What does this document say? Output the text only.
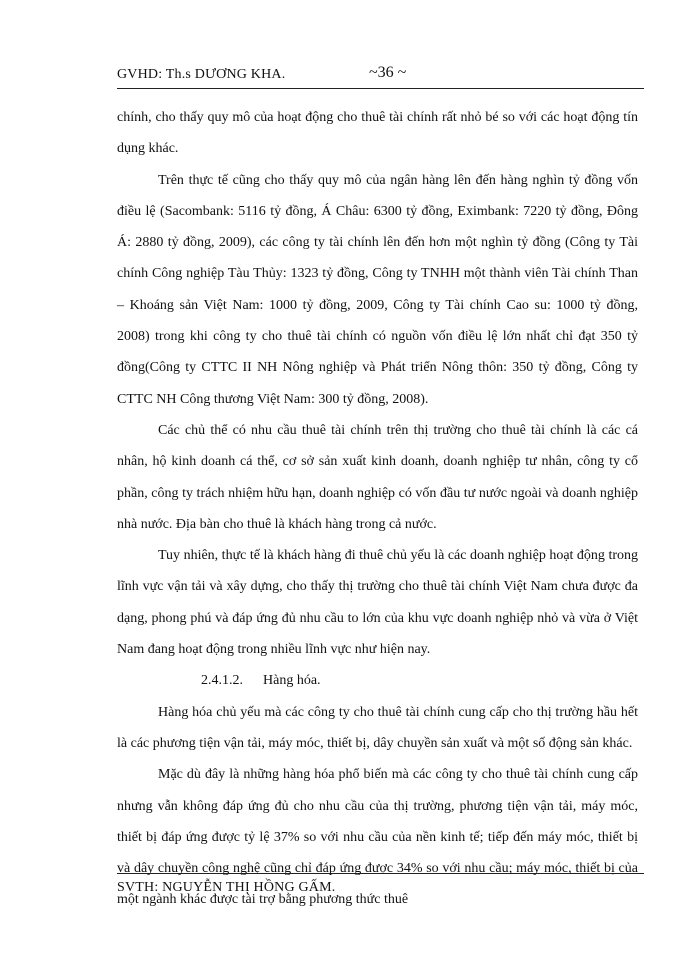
GVHD: Th.s DƯƠNG KHA.	~36 ~

chính, cho thấy quy mô của hoạt động cho thuê tài chính rất nhỏ bé so với các hoạt động tín dụng khác.

Trên thực tế cũng cho thấy quy mô của ngân hàng lên đến hàng nghìn tỷ đồng vốn điều lệ (Sacombank: 5116 tỷ đồng, Á Châu: 6300 tỷ đồng, Eximbank: 7220 tỷ đồng, Đông Á: 2880 tỷ đồng, 2009), các công ty tài chính lên đến hơn một nghìn tỷ đồng (Công ty Tài chính Công nghiệp Tàu Thủy: 1323 tỷ đồng, Công ty TNHH một thành viên Tài chính Than – Khoáng sản Việt Nam: 1000 tỷ đồng, 2009, Công ty Tài chính Cao su: 1000 tỷ đồng, 2008) trong khi công ty cho thuê tài chính có nguồn vốn điều lệ lớn nhất chỉ đạt 350 tỷ đồng(Công ty CTTC II NH Nông nghiệp và Phát triển Nông thôn: 350 tỷ đồng, Công ty CTTC NH Công thương Việt Nam: 300 tỷ đồng, 2008).

Các chủ thể có nhu cầu thuê tài chính trên thị trường cho thuê tài chính là các cá nhân, hộ kinh doanh cá thể, cơ sở sản xuất kinh doanh, doanh nghiệp tư nhân, công ty cổ phần, công ty trách nhiệm hữu hạn, doanh nghiệp có vốn đầu tư nước ngoài và doanh nghiệp nhà nước. Địa bàn cho thuê là khách hàng trong cả nước.

Tuy nhiên, thực tế là khách hàng đi thuê chủ yếu là các doanh nghiệp hoạt động trong lĩnh vực vận tải và xây dựng, cho thấy thị trường cho thuê tài chính Việt Nam chưa được đa dạng, phong phú và đáp ứng đủ nhu cầu to lớn của khu vực doanh nghiệp nhỏ và vừa ở Việt Nam đang hoạt động trong nhiều lĩnh vực như hiện nay.

2.4.1.2. Hàng hóa.

Hàng hóa chủ yếu mà các công ty cho thuê tài chính cung cấp cho thị trường hầu hết là các phương tiện vận tải, máy móc, thiết bị, dây chuyền sản xuất và một số động sản khác.

Mặc dù đây là những hàng hóa phổ biến mà các công ty cho thuê tài chính cung cấp nhưng vẫn không đáp ứng đủ cho nhu cầu của thị trường, phương tiện vận tải, máy móc, thiết bị đáp ứng được tỷ lệ 37% so với nhu cầu của nền kinh tế; tiếp đến máy móc, thiết bị và dây chuyền công nghệ cũng chỉ đáp ứng được 34% so với nhu cầu; máy móc, thiết bị của một ngành khác được tài trợ bằng phương thức thuê

SVTH: NGUYỄN THỊ HỒNG GẤM.
